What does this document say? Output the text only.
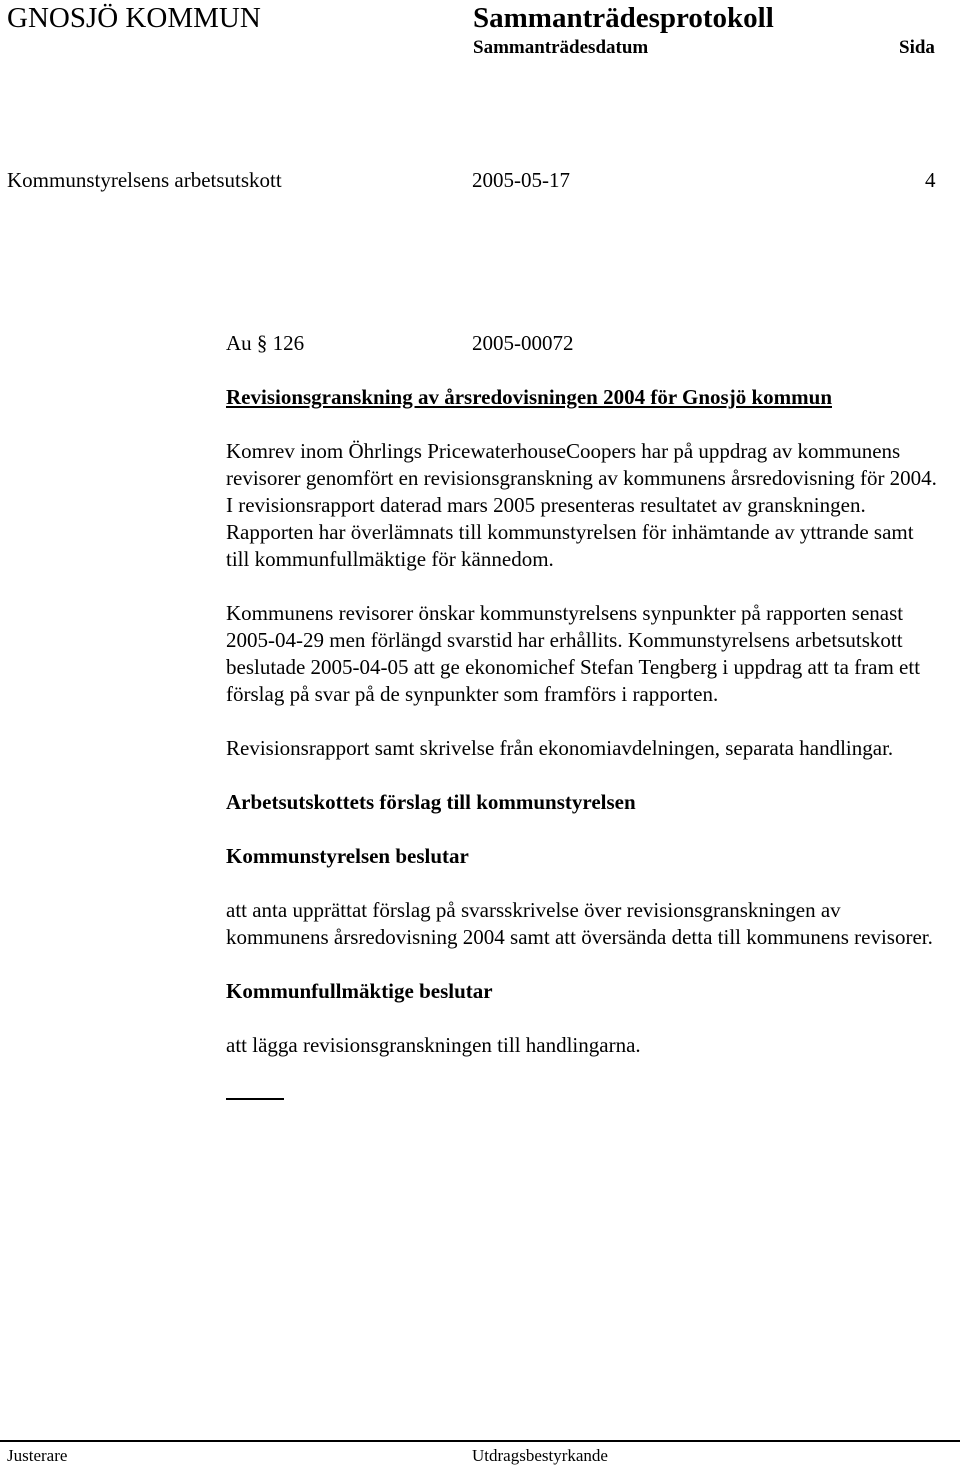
GNOSJÖ KOMMUN	Sammanträdesprotokoll
Sammanträdesdatum	Sida
Kommunstyrelsens arbetsutskott	2005-05-17	4
Au § 126	2005-00072

Revisionsgranskning av årsredovisningen 2004 för Gnosjö kommun

Komrev inom Öhrlings PricewaterhouseCoopers har på uppdrag av kommunens revisorer genomfört en revisionsgranskning av kommunens årsredovisning för 2004. I revisionsrapport daterad mars 2005 presenteras resultatet av granskningen. Rapporten har överlämnats till kommunstyrelsen för inhämtande av yttrande samt till kommunfullmäktige för kännedom.

Kommunens revisorer önskar kommunstyrelsens synpunkter på rapporten senast 2005-04-29 men förlängd svarstid har erhållits. Kommunstyrelsens arbetsutskott beslutade 2005-04-05 att ge ekonomichef Stefan Tengberg i uppdrag att ta fram ett förslag på svar på de synpunkter som framförs i rapporten.

Revisionsrapport samt skrivelse från ekonomiavdelningen, separata handlingar.

Arbetsutskottets förslag till kommunstyrelsen

Kommunstyrelsen beslutar

att anta upprättat förslag på svarsskrivelse över revisionsgranskningen av kommunens årsredovisning 2004 samt att översända detta till kommunens revisorer.

Kommunfullmäktige beslutar

att lägga revisionsgranskningen till handlingarna.

Justerare	Utdragsbestyrkande
